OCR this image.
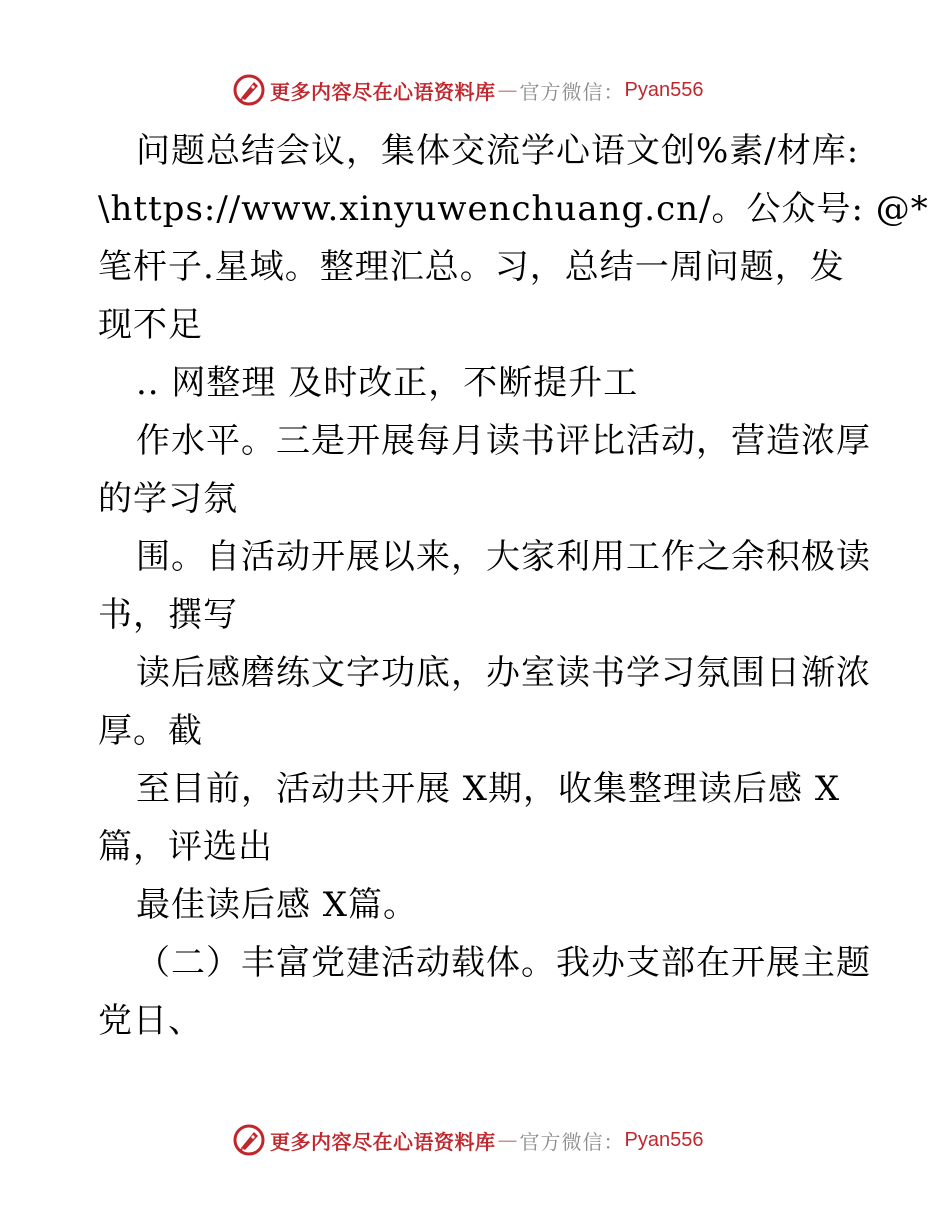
更多内容尽在心语资料库 — 官方微信： Pyan556
问题总结会议，集体交流学心语文创%素/材库:
\https://www.xinyuwenchuang.cn/。公众号: @*
笔杆子.星域。整理汇总。习，总结一周问题，发
现不足
.. 网整理 及时改正，不断提升工
作水平。三是开展每月读书评比活动，营造浓厚
的学习氛
围。自活动开展以来，大家利用工作之余积极读
书，撰写
读后感磨练文字功底，办室读书学习氛围日渐浓
厚。截
至目前，活动共开展 X期，收集整理读后感 X
篇，评选出
最佳读后感 X篇。
（二）丰富党建活动载体。我办支部在开展主题
党日、
更多内容尽在心语资料库 — 官方微信： Pyan556
